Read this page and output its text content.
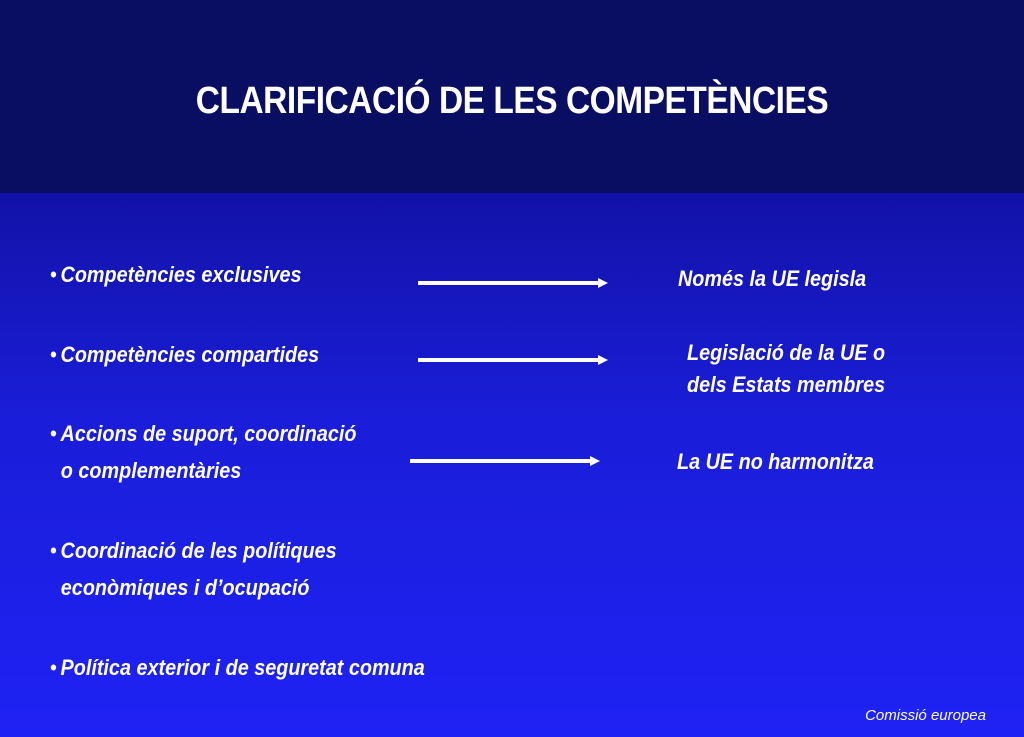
CLARIFICACIÓ DE LES COMPETÈNCIES
• Competències exclusives
• Competències compartides
• Accions de suport, coordinació
o complementàries
• Coordinació de les polítiques
econòmiques i d’ocupació
• Política exterior i de seguretat comuna
Només la UE legisla
Legislació de la UE o
dels Estats membres
La UE no harmonitza
Comissió europea
